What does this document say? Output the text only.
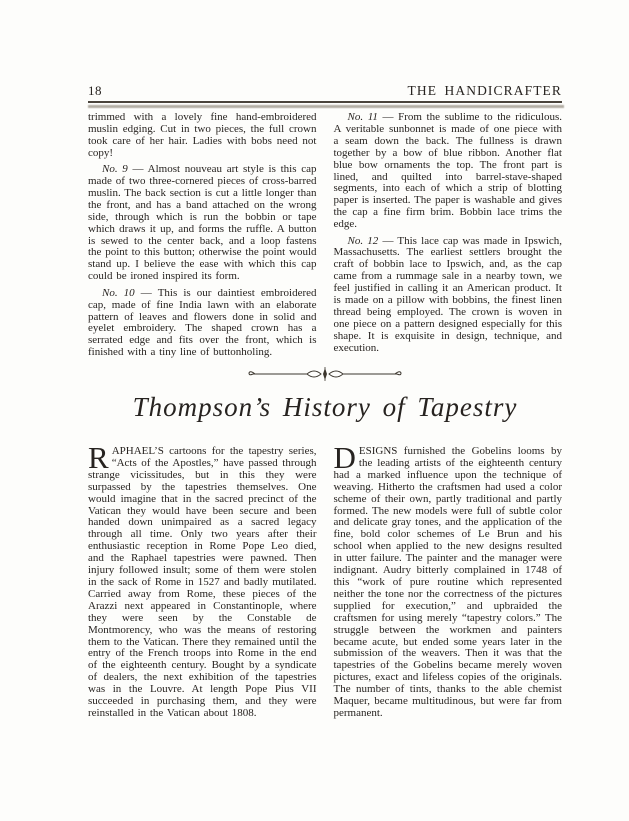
18	THE HANDICRAFTER

trimmed with a lovely fine hand-embroidered muslin edging. Cut in two pieces, the full crown took care of her hair. Ladies with bobs need not copy!

No. 9 — Almost nouveau art style is this cap made of two three-cornered pieces of cross-barred muslin. The back section is cut a little longer than the front, and has a band attached on the wrong side, through which is run the bobbin or tape which draws it up, and forms the ruffle. A button is sewed to the center back, and a loop fastens the point to this button; otherwise the point would stand up. I believe the ease with which this cap could be ironed inspired its form.

No. 10 — This is our daintiest embroidered cap, made of fine India lawn with an elaborate pattern of leaves and flowers done in solid and eyelet embroidery. The shaped crown has a serrated edge and fits over the front, which is finished with a tiny line of buttonholing.

No. 11 — From the sublime to the ridiculous. A veritable sunbonnet is made of one piece with a seam down the back. The fullness is drawn together by a bow of blue ribbon. Another flat blue bow ornaments the top. The front part is lined, and quilted into barrel-stave-shaped segments, into each of which a strip of blotting paper is inserted. The paper is washable and gives the cap a fine firm brim. Bobbin lace trims the edge.

No. 12 — This lace cap was made in Ipswich, Massachusetts. The earliest settlers brought the craft of bobbin lace to Ipswich, and, as the cap came from a rummage sale in a nearby town, we feel justified in calling it an American product. It is made on a pillow with bobbins, the finest linen thread being employed. The crown is woven in one piece on a pattern designed especially for this shape. It is exquisite in design, technique, and execution.

Thompson’s History of Tapestry

RAPHAEL’S cartoons for the tapestry series, “Acts of the Apostles,” have passed through strange vicissitudes, but in this they were surpassed by the tapestries themselves. One would imagine that in the sacred precinct of the Vatican they would have been secure and been handed down unimpaired as a sacred legacy through all time. Only two years after their enthusiastic reception in Rome Pope Leo died, and the Raphael tapestries were pawned. Then injury followed insult; some of them were stolen in the sack of Rome in 1527 and badly mutilated. Carried away from Rome, these pieces of the Arazzi next appeared in Constantinople, where they were seen by the Constable de Montmorency, who was the means of restoring them to the Vatican. There they remained until the entry of the French troops into Rome in the end of the eighteenth century. Bought by a syndicate of dealers, the next exhibition of the tapestries was in the Louvre. At length Pope Pius VII succeeded in purchasing them, and they were reinstalled in the Vatican about 1808.

DESIGNS furnished the Gobelins looms by the leading artists of the eighteenth century had a marked influence upon the technique of weaving. Hitherto the craftsmen had used a color scheme of their own, partly traditional and partly formed. The new models were full of subtle color and delicate gray tones, and the application of the fine, bold color schemes of Le Brun and his school when applied to the new designs resulted in utter failure. The painter and the manager were indignant. Audry bitterly complained in 1748 of this “work of pure routine which represented neither the tone nor the correctness of the pictures supplied for execution,” and upbraided the craftsmen for using merely “tapestry colors.” The struggle between the workmen and painters became acute, but ended some years later in the submission of the weavers. Then it was that the tapestries of the Gobelins became merely woven pictures, exact and lifeless copies of the originals. The number of tints, thanks to the able chemist Maquer, became multitudinous, but were far from permanent.
